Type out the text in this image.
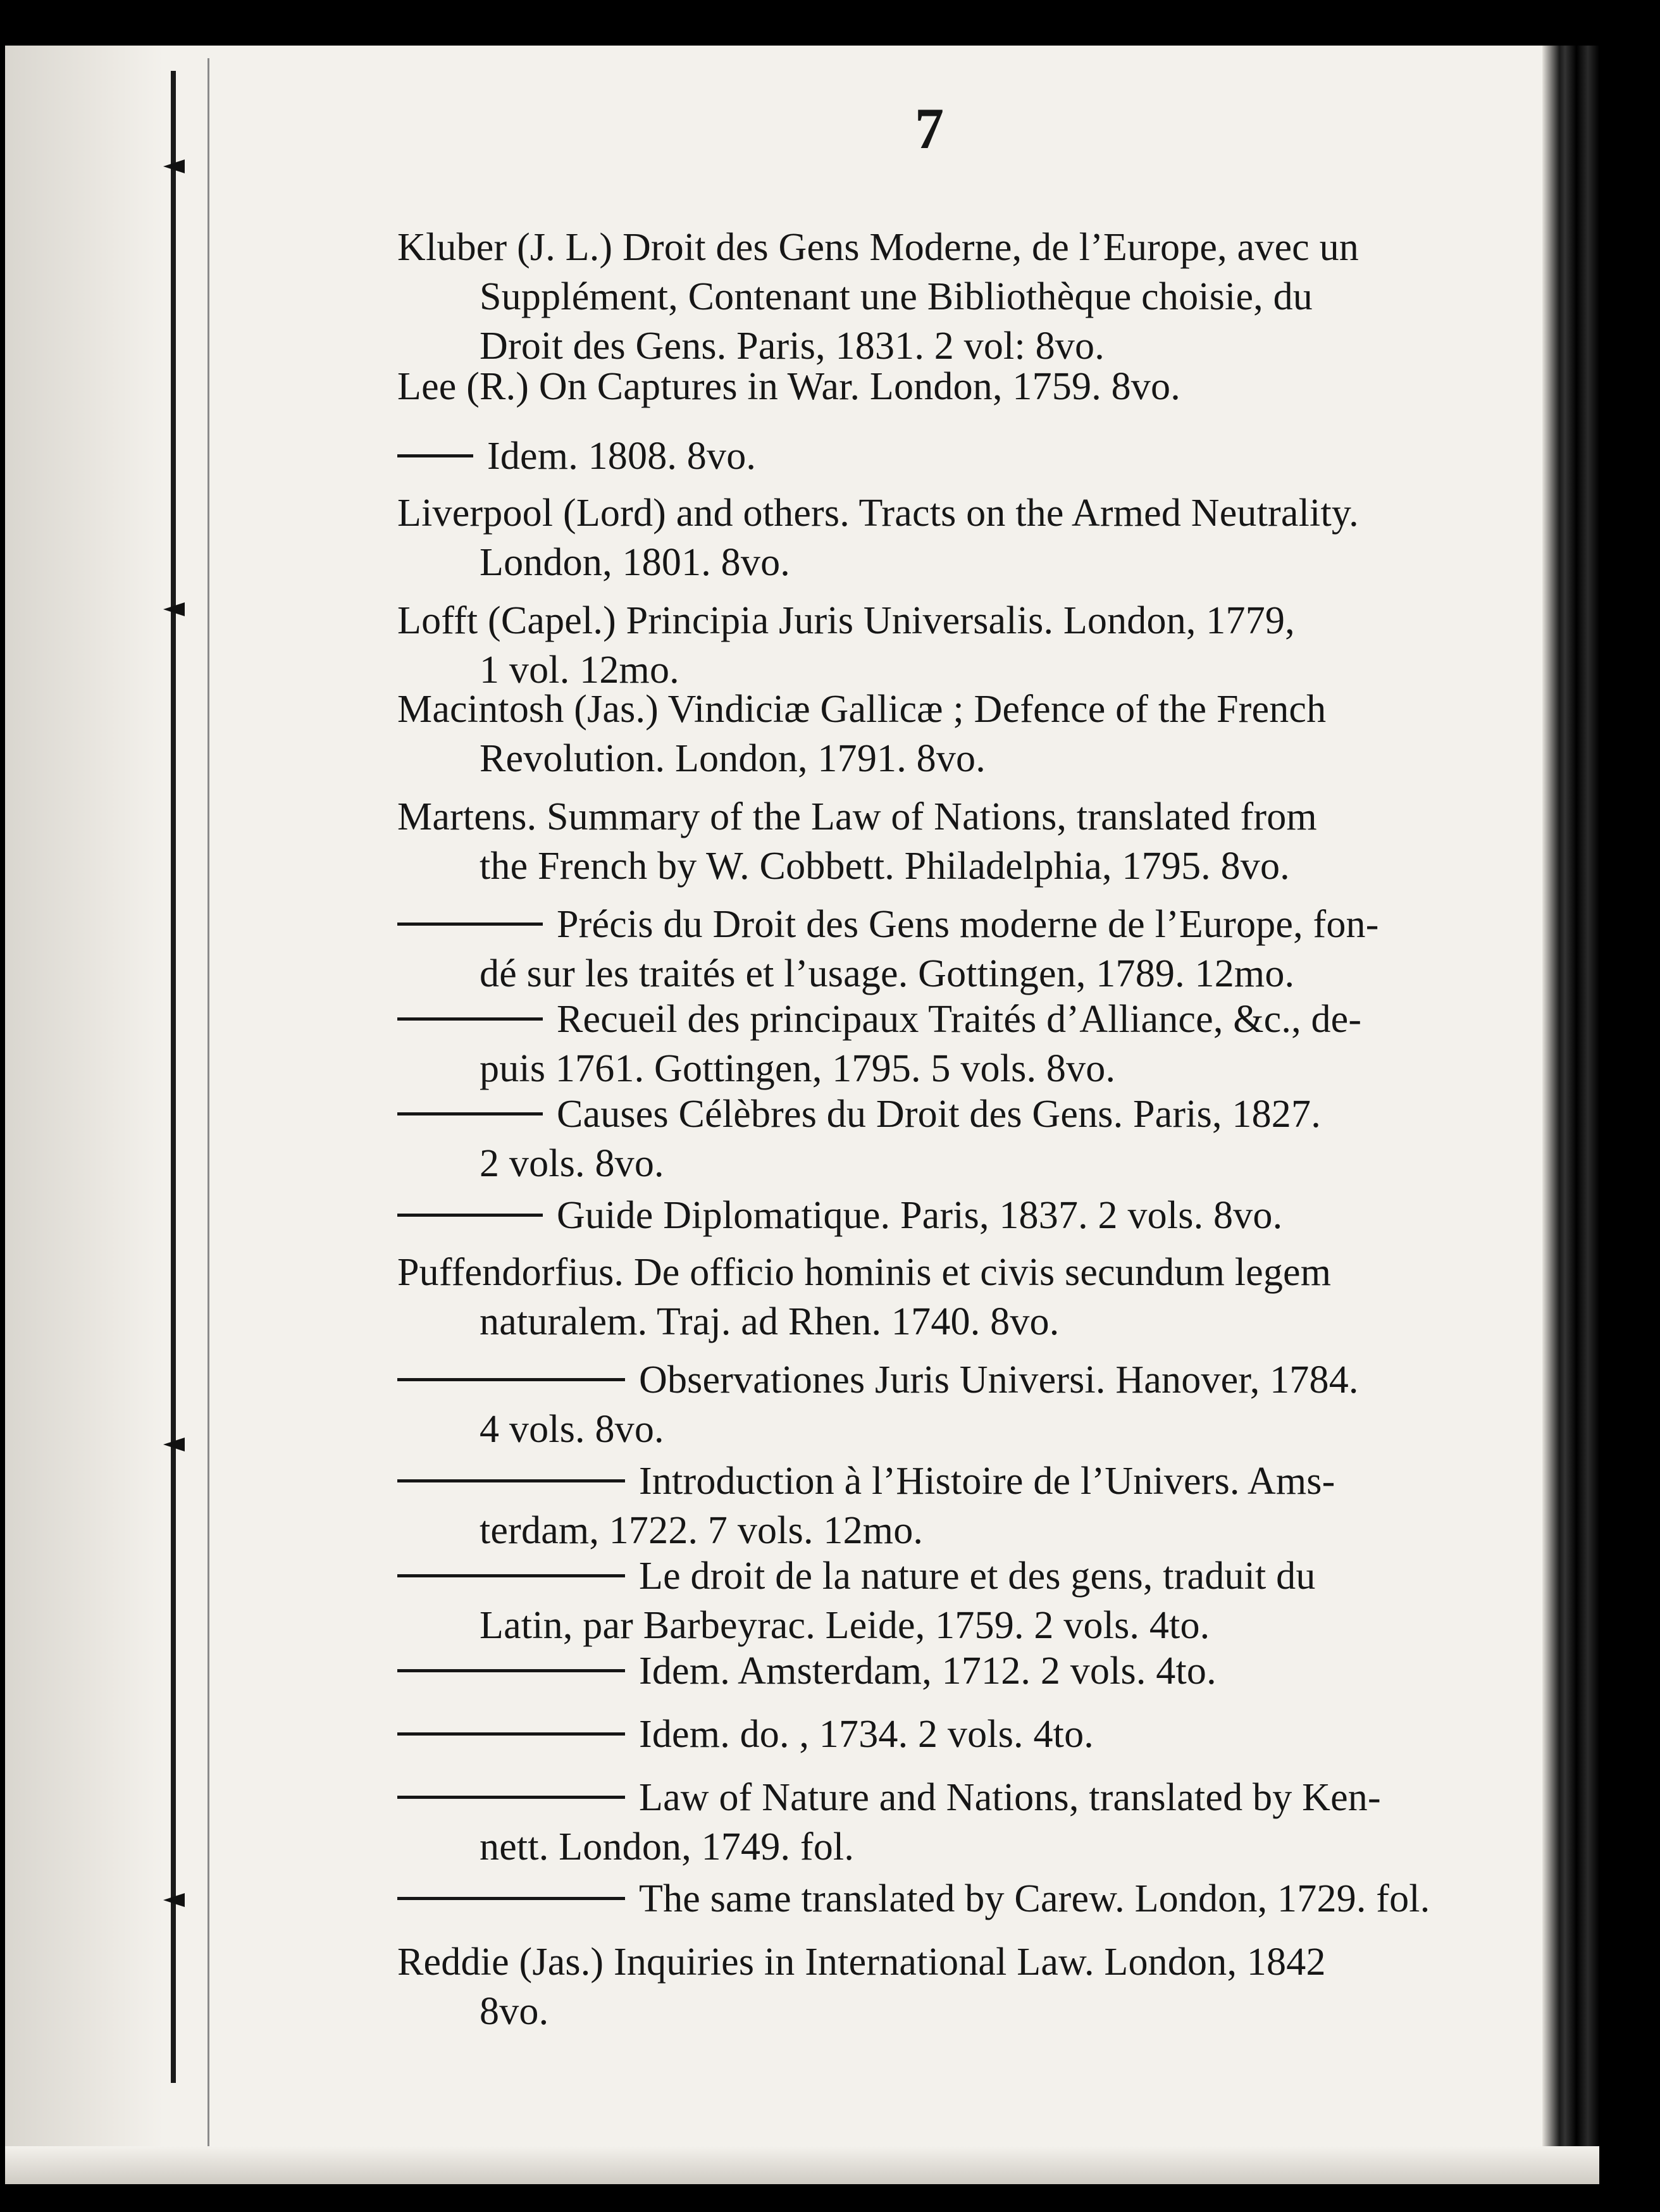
7
Kluber (J. L.) Droit des Gens Moderne, de l’Europe, avec un
Supplément, Contenant une Bibliothèque choisie, du
Droit des Gens. Paris, 1831. 2 vol: 8vo.
Lee (R.) On Captures in War. London, 1759. 8vo.
Idem. 1808. 8vo.
Liverpool (Lord) and others. Tracts on the Armed Neutrality.
London, 1801. 8vo.
Lofft (Capel.) Principia Juris Universalis. London, 1779,
1 vol. 12mo.
Macintosh (Jas.) Vindiciæ Gallicæ ; Defence of the French
Revolution. London, 1791. 8vo.
Martens. Summary of the Law of Nations, translated from
the French by W. Cobbett. Philadelphia, 1795. 8vo.
Précis du Droit des Gens moderne de l’Europe, fon-
dé sur les traités et l’usage. Gottingen, 1789. 12mo.
Recueil des principaux Traités d’Alliance, &c., de-
puis 1761. Gottingen, 1795. 5 vols. 8vo.
Causes Célèbres du Droit des Gens. Paris, 1827.
2 vols. 8vo.
Guide Diplomatique. Paris, 1837. 2 vols. 8vo.
Puffendorfius. De officio hominis et civis secundum legem
naturalem. Traj. ad Rhen. 1740. 8vo.
Observationes Juris Universi. Hanover, 1784.
4 vols. 8vo.
Introduction à l’Histoire de l’Univers. Ams-
terdam, 1722. 7 vols. 12mo.
Le droit de la nature et des gens, traduit du
Latin, par Barbeyrac. Leide, 1759. 2 vols. 4to.
Idem. Amsterdam, 1712. 2 vols. 4to.
Idem. do. , 1734. 2 vols. 4to.
Law of Nature and Nations, translated by Ken-
nett. London, 1749. fol.
The same translated by Carew. London, 1729. fol.
Reddie (Jas.) Inquiries in International Law. London, 1842
8vo.
